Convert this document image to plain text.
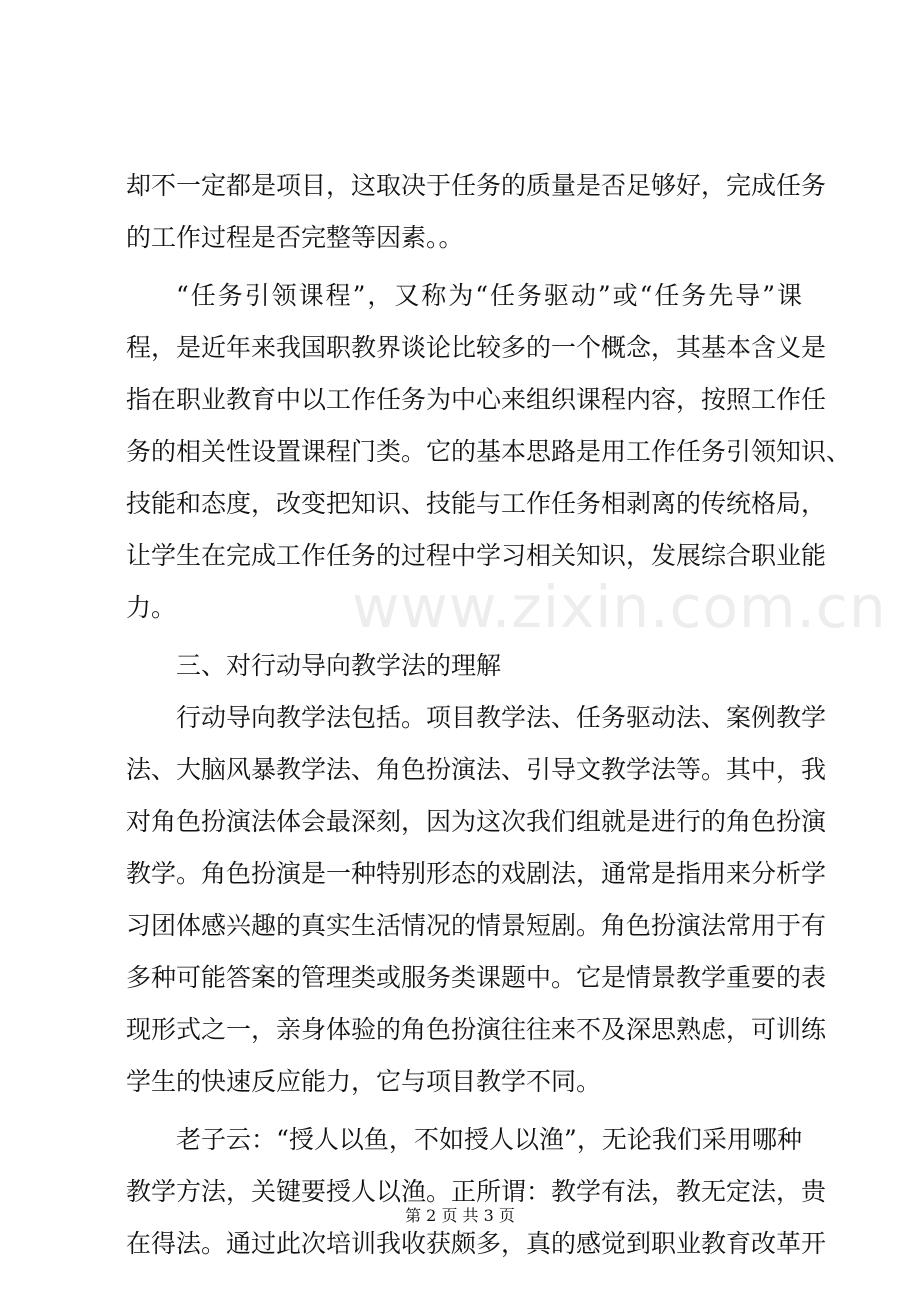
www.zixin.com.cn
却不一定都是项目，这取决于任务的质量是否足够好，完成任务
的工作过程是否完整等因素。。
“任务引领课程”，又称为“任务驱动”或“任务先导”课
程，是近年来我国职教界谈论比较多的一个概念，其基本含义是
指在职业教育中以工作任务为中心来组织课程内容，按照工作任
务的相关性设置课程门类。它的基本思路是用工作任务引领知识、
技能和态度，改变把知识、技能与工作任务相剥离的传统格局，
让学生在完成工作任务的过程中学习相关知识，发展综合职业能
力。
三、对行动导向教学法的理解
行动导向教学法包括。项目教学法、任务驱动法、案例教学
法、大脑风暴教学法、角色扮演法、引导文教学法等。其中，我
对角色扮演法体会最深刻，因为这次我们组就是进行的角色扮演
教学。角色扮演是一种特别形态的戏剧法，通常是指用来分析学
习团体感兴趣的真实生活情况的情景短剧。角色扮演法常用于有
多种可能答案的管理类或服务类课题中。它是情景教学重要的表
现形式之一，亲身体验的角色扮演往往来不及深思熟虑，可训练
学生的快速反应能力，它与项目教学不同。
老子云：“授人以鱼，不如授人以渔”，无论我们采用哪种
教学方法，关键要授人以渔。正所谓：教学有法，教无定法，贵
在得法。通过此次培训我收获颇多，真的感觉到职业教育改革开
第 2 页 共 3 页
